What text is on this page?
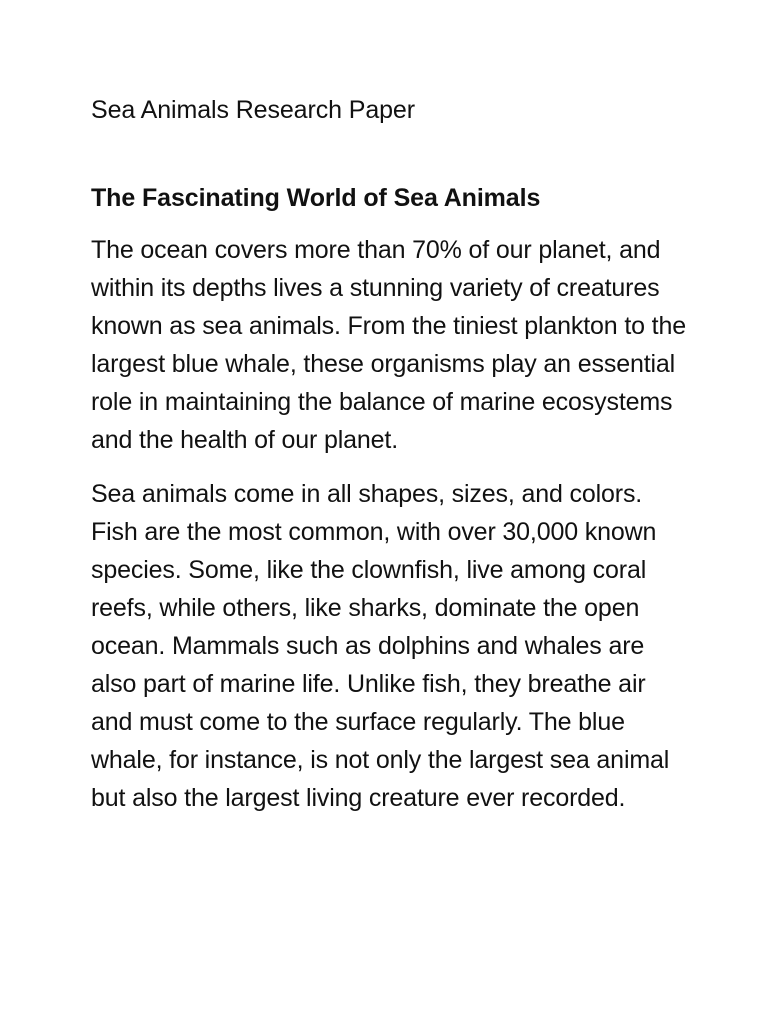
Sea Animals Research Paper
The Fascinating World of Sea Animals

The ocean covers more than 70% of our planet, and within its depths lives a stunning variety of creatures known as sea animals. From the tiniest plankton to the largest blue whale, these organisms play an essential role in maintaining the balance of marine ecosystems and the health of our planet.

Sea animals come in all shapes, sizes, and colors. Fish are the most common, with over 30,000 known species. Some, like the clownfish, live among coral reefs, while others, like sharks, dominate the open ocean. Mammals such as dolphins and whales are also part of marine life. Unlike fish, they breathe air and must come to the surface regularly. The blue whale, for instance, is not only the largest sea animal but also the largest living creature ever recorded.
